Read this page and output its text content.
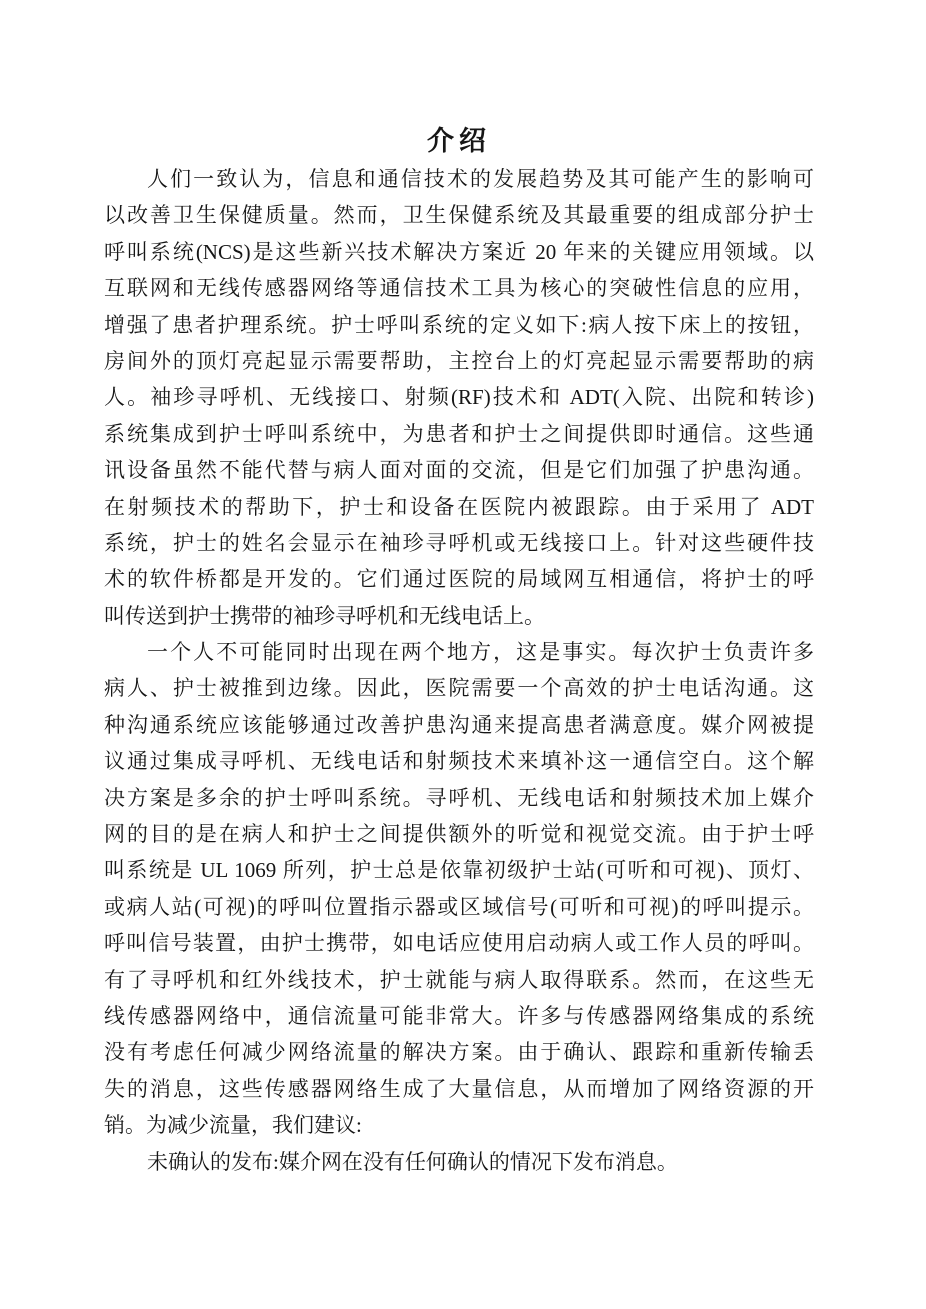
介绍
人们一致认为，信息和通信技术的发展趋势及其可能产生的影响可
以改善卫生保健质量。然而，卫生保健系统及其最重要的组成部分护士
呼叫系统(NCS)是这些新兴技术解决方案近 20 年来的关键应用领域。以
互联网和无线传感器网络等通信技术工具为核心的突破性信息的应用，
增强了患者护理系统。护士呼叫系统的定义如下:病人按下床上的按钮，
房间外的顶灯亮起显示需要帮助，主控台上的灯亮起显示需要帮助的病
人。袖珍寻呼机、无线接口、射频(RF)技术和 ADT(入院、出院和转诊)
系统集成到护士呼叫系统中，为患者和护士之间提供即时通信。这些通
讯设备虽然不能代替与病人面对面的交流，但是它们加强了护患沟通。
在射频技术的帮助下，护士和设备在医院内被跟踪。由于采用了 ADT
系统，护士的姓名会显示在袖珍寻呼机或无线接口上。针对这些硬件技
术的软件桥都是开发的。它们通过医院的局域网互相通信，将护士的呼
叫传送到护士携带的袖珍寻呼机和无线电话上。
一个人不可能同时出现在两个地方，这是事实。每次护士负责许多
病人、护士被推到边缘。因此，医院需要一个高效的护士电话沟通。这
种沟通系统应该能够通过改善护患沟通来提高患者满意度。媒介网被提
议通过集成寻呼机、无线电话和射频技术来填补这一通信空白。这个解
决方案是多余的护士呼叫系统。寻呼机、无线电话和射频技术加上媒介
网的目的是在病人和护士之间提供额外的听觉和视觉交流。由于护士呼
叫系统是 UL 1069 所列，护士总是依靠初级护士站(可听和可视)、顶灯、
或病人站(可视)的呼叫位置指示器或区域信号(可听和可视)的呼叫提示。
呼叫信号装置，由护士携带，如电话应使用启动病人或工作人员的呼叫。
有了寻呼机和红外线技术，护士就能与病人取得联系。然而，在这些无
线传感器网络中，通信流量可能非常大。许多与传感器网络集成的系统
没有考虑任何减少网络流量的解决方案。由于确认、跟踪和重新传输丢
失的消息，这些传感器网络生成了大量信息，从而增加了网络资源的开
销。为减少流量，我们建议:
未确认的发布:媒介网在没有任何确认的情况下发布消息。
